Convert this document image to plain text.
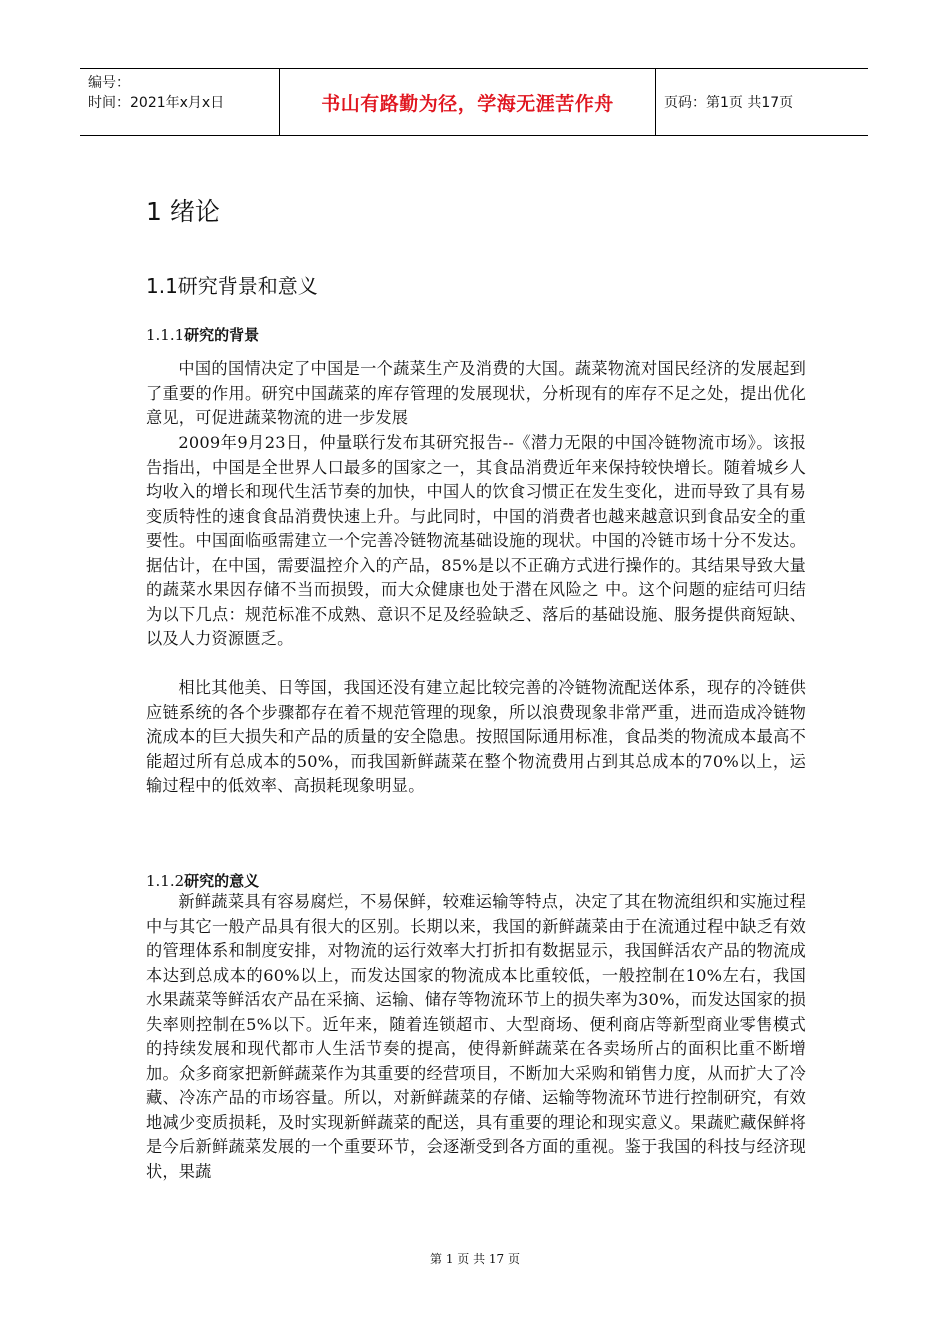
编号：
时间：2021年x月x日	书山有路勤为径，学海无涯苦作舟	页码：第1页 共17页
1 绪论
1.1研究背景和意义
1.1.1研究的背景

中国的国情决定了中国是一个蔬菜生产及消费的大国。蔬菜物流对国民经济的发展起到了重要的作用。研究中国蔬菜的库存管理的发展现状，分析现有的库存不足之处，提出优化意见，可促进蔬菜物流的进一步发展

2009年9月23日，仲量联行发布其研究报告--《潜力无限的中国冷链物流市场》。该报告指出，中国是全世界人口最多的国家之一，其食品消费近年来保持较快增长。随着城乡人均收入的增长和现代生活节奏的加快，中国人的饮食习惯正在发生变化，进而导致了具有易变质特性的速食食品消费快速上升。与此同时，中国的消费者也越来越意识到食品安全的重要性。中国面临亟需建立一个完善冷链物流基础设施的现状。中国的冷链市场十分不发达。据估计，在中国，需要温控介入的产品，85%是以不正确方式进行操作的。其结果导致大量的蔬菜水果因存储不当而损毁，而大众健康也处于潜在风险之 中。这个问题的症结可归结为以下几点：规范标准不成熟、意识不足及经验缺乏、落后的基础设施、服务提供商短缺、以及人力资源匮乏。

相比其他美、日等国，我国还没有建立起比较完善的冷链物流配送体系，现存的冷链供应链系统的各个步骤都存在着不规范管理的现象，所以浪费现象非常严重，进而造成冷链物流成本的巨大损失和产品的质量的安全隐患。按照国际通用标准，食品类的物流成本最高不能超过所有总成本的50%，而我国新鲜蔬菜在整个物流费用占到其总成本的70%以上，运输过程中的低效率、高损耗现象明显。

1.1.2研究的意义

新鲜蔬菜具有容易腐烂，不易保鲜，较难运输等特点，决定了其在物流组织和实施过程中与其它一般产品具有很大的区别。长期以来，我国的新鲜蔬菜由于在流通过程中缺乏有效的管理体系和制度安排，对物流的运行效率大打折扣有数据显示，我国鲜活农产品的物流成本达到总成本的60%以上，而发达国家的物流成本比重较低，一般控制在10%左右，我国水果蔬菜等鲜活农产品在采摘、运输、储存等物流环节上的损失率为30%，而发达国家的损失率则控制在5%以下。近年来，随着连锁超市、大型商场、便利商店等新型商业零售模式的持续发展和现代都市人生活节奏的提高，使得新鲜蔬菜在各卖场所占的面积比重不断增加。众多商家把新鲜蔬菜作为其重要的经营项目，不断加大采购和销售力度，从而扩大了冷藏、冷冻产品的市场容量。所以，对新鲜蔬菜的存储、运输等物流环节进行控制研究，有效地减少变质损耗，及时实现新鲜蔬菜的配送，具有重要的理论和现实意义。果蔬贮藏保鲜将是今后新鲜蔬菜发展的一个重要环节，会逐渐受到各方面的重视。鉴于我国的科技与经济现状，果蔬

第 1 页 共 17 页
